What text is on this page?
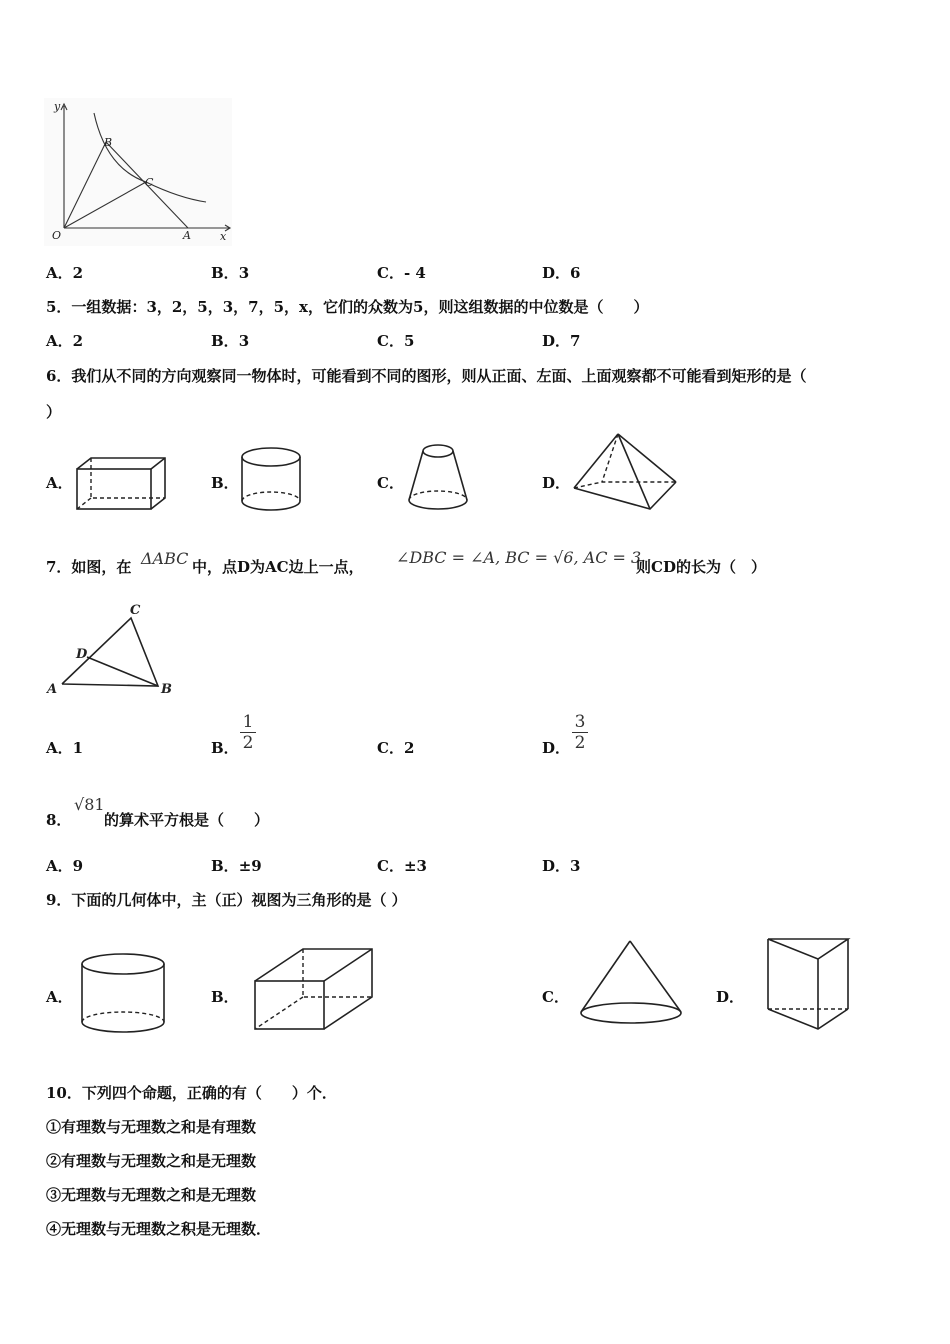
y
x
O	A
B
C
A．2	B．3	C．- 4	D．6
5．一组数据：3，2，5，3，7，5，x，它们的众数为5，则这组数据的中位数是（　　）
A．2	B．3	C．5	D．7
6．我们从不同的方向观察同一物体时，可能看到不同的图形，则从正面、左面、上面观察都不可能看到矩形的是（
）
A．	B．	C．	D．
7．如图，在 ΔABC 中，点D为AC边上一点， ∠DBC = ∠A, BC = √6, AC = 3
则CD的长为（　）
A	B
C
D
A．1	B．
1
2	C．2	D．
3
2
8．
√81
的算术平方根是（　　）
A．9	B．±9	C．±3	D．3
9．下面的几何体中，主（正）视图为三角形的是（ ）
A．	B．	C．	D．
10．下列四个命题，正确的有（　　）个．
①有理数与无理数之和是有理数
②有理数与无理数之和是无理数
③无理数与无理数之和是无理数
④无理数与无理数之积是无理数．
